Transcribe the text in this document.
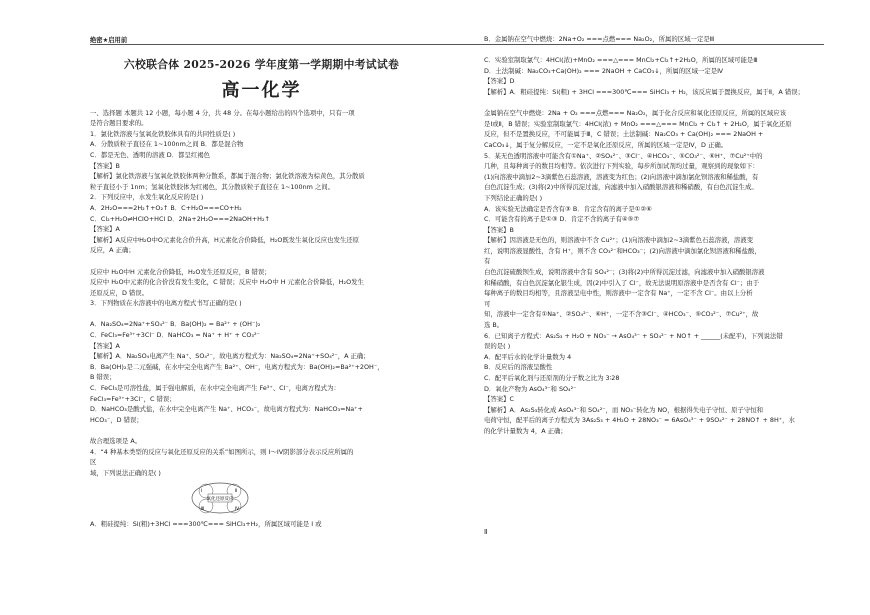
绝密★启用前
六校联合体 2025-2026 学年度第一学期期中考试试卷
高一化学
一、选择题 本题共 12 小题，每小题 4 分，共 48 分。在每小题给出的四个选项中，只有一项
是符合题目要求的。
1．氯化铁溶液与氢氧化铁胶体具有的共同性质是( )
A．分散质粒子直径在 1~100nm之间 B．都是混合物
C．都是无色、透明的溶液 D．都呈红褐色
【答案】B
【解析】氯化铁溶液与氢氧化铁胶体两种分散系，都属于混合物；氯化铁溶液为棕黄色，其分散质
粒子直径小于 1nm；氢氧化铁胶体为红褐色，其分散质粒子直径在 1~100nm 之间。
2．下列反应中，水发生氧化反应的是( )
A．2H₂O===2H₂↑+O₂↑ B．C+H₂O===CO+H₂
C．Cl₂+H₂O⇌HClO+HCl D．2Na+2H₂O===2NaOH+H₂↑
【答案】A
【解析】A反应中H₂O中O元素化合价升高，H元素化合价降低，H₂O既发生氧化反应也发生还原
反应，A 正确；

反应中 H₂O中H 元素化合价降低，H₂O发生还原反应，B 错误；
反应中 H₂O中元素的化合价没有发生变化，C 错误；反应中 H₂O中 H 元素化合价降低，H₂O发生
还原反应，D 错误。
3．下列物质在水溶液中的电离方程式书写正确的是( )

A．Na₂SO₄=2Na⁺+SO₄²⁻ B．Ba(OH)₂ = Ba²⁺ + (OH⁻)₂
C．FeCl₃=Fe³⁺+3Cl⁻ D．NaHCO₃ = Na⁺ + H⁺ + CO₃²⁻
【答案】A
【解析】A．Na₂SO₄电离产生 Na⁺、SO₄²⁻，故电离方程式为：Na₂SO₄=2Na⁺+SO₄²⁻，A 正确；
B．Ba(OH)₂是二元强碱，在水中完全电离产生 Ba²⁺、OH⁻，电离方程式为：Ba(OH)₂=Ba²⁺+2OH⁻，
B 错误；
C．FeCl₃是可溶性盐，属于强电解质，在水中完全电离产生 Fe³⁺、Cl⁻，电离方程式为：
FeCl₃=Fe³⁺+3Cl⁻，C 错误；
D．NaHCO₃是酸式盐，在水中完全电离产生 Na⁺、HCO₃⁻，故电离方程式为：NaHCO₃=Na⁺+
HCO₃⁻，D 错误；

故合理选项是 A。
4．“4 种基本类型的反应与氧化还原反应的关系”如图所示，则 I～IV阴影部分表示反应所属的
区
域，下列说法正确的是( )
氧化还原反应
Ⅰ	Ⅱ
Ⅲ	Ⅳ
A．粗硅提纯：Si(粗)+3HCl ===300℃=== SiHCl₃+H₂，所属区域可能是 I 或
B．金属钠在空气中燃烧：2Na+O₂ ===点燃=== Na₂O₂，所属的区域一定是Ⅲ

C．实验室制取氯气：4HCl(浓)+MnO₂ ===△=== MnCl₂+Cl₂↑+2H₂O，所属的区域可能是Ⅲ
D．土法制碱：Na₂CO₃+Ca(OH)₂ === 2NaOH + CaCO₃↓，所属的区域一定是Ⅳ
【答案】D
【解析】A．粗硅提纯：Si(粗) + 3HCl ===300℃=== SiHCl₃ + H₂，该反应属于置换反应，属于Ⅱ，A 错误；

金属钠在空气中燃烧：2Na + O₂ ===点燃=== Na₂O₂，属于化合反应和氧化还原反应，所属的区域应该
是Ⅰ或Ⅱ，B 错误；实验室制取氯气：4HCl(浓) + MnO₂ ===△=== MnCl₂ + Cl₂↑ + 2H₂O，属于氧化还原
反应，但不是置换反应，不可能属于Ⅲ，C 错误；土法制碱：Na₂CO₃ + Ca(OH)₂ === 2NaOH +
CaCO₃↓，属于复分解反应，一定不是氧化还原反应，所属的区域一定是Ⅳ，D 正确。
5．某无色透明溶液中可能含有①Na⁺、②SO₄²⁻、③Cl⁻、④HCO₃⁻、⑤CO₃²⁻、⑥H⁺、⑦Cu²⁺中的
几种，且每种离子的数目均相等。依次进行下列实验，每步所加试剂均过量，观察到的现象如下：
(1)向溶液中滴加2~3滴紫色石蕊溶液，溶液变为红色；(2)向溶液中滴加氯化钡溶液和稀盐酸，有
白色沉淀生成；(3)将(2)中所得沉淀过滤，向滤液中加入硝酸银溶液和稀硝酸，有白色沉淀生成。
下列结论正确的是( )
A．该实验无法确定是否含有③ B．肯定含有的离子是①②⑥
C．可能含有的离子是①③ D．肯定不含的离子有④⑤⑦
【答案】B
【解析】因溶液是无色的，则溶液中不含 Cu²⁺；(1)向溶液中滴加2~3滴紫色石蕊溶液，溶液变
红，说明溶液显酸性，含有 H⁺，则不含 CO₃²⁻和HCO₃⁻；(2)向溶液中滴加氯化钡溶液和稀盐酸，
有
白色沉淀硫酸钡生成，说明溶液中含有 SO₄²⁻；(3)将(2)中所得沉淀过滤，向滤液中加入硝酸银溶液
和稀硝酸，有白色沉淀氯化银生成，因(2)中引入了 Cl⁻，故无法说明原溶液中是否含有 Cl⁻；由于
每种离子的数目均相等，且溶液呈电中性，则溶液中一定含有 Na⁺，一定不含 Cl⁻。由以上分析
可
知，溶液中一定含有①Na⁺、②SO₄²⁻、⑥H⁺，一定不含③Cl⁻、④HCO₃⁻、⑤CO₃²⁻、⑦Cu²⁺，故
选 B。
6．已知离子方程式：As₂S₃ + H₂O + NO₃⁻ → AsO₄³⁻ + SO₄²⁻ + NO↑ + ______(未配平)，下列说法错
误的是( )
A．配平后水的化学计量数为 4
B．反应后的溶液呈酸性
C．配平后氧化剂与还原剂的分子数之比为 3∶28
D．氧化产物为 AsO₄³⁻和 SO₄²⁻
【答案】C
【解析】A．As₂S₃转化成 AsO₄³⁻和 SO₄²⁻，而 NO₃⁻转化为 NO，根据得失电子守恒、原子守恒和
电荷守恒，配平后的离子方程式为 3As₂S₃ + 4H₂O + 28NO₃⁻ = 6AsO₄³⁻ + 9SO₄²⁻ + 28NO↑ + 8H⁺，水
的化学计量数为 4，A 正确；
Ⅱ
